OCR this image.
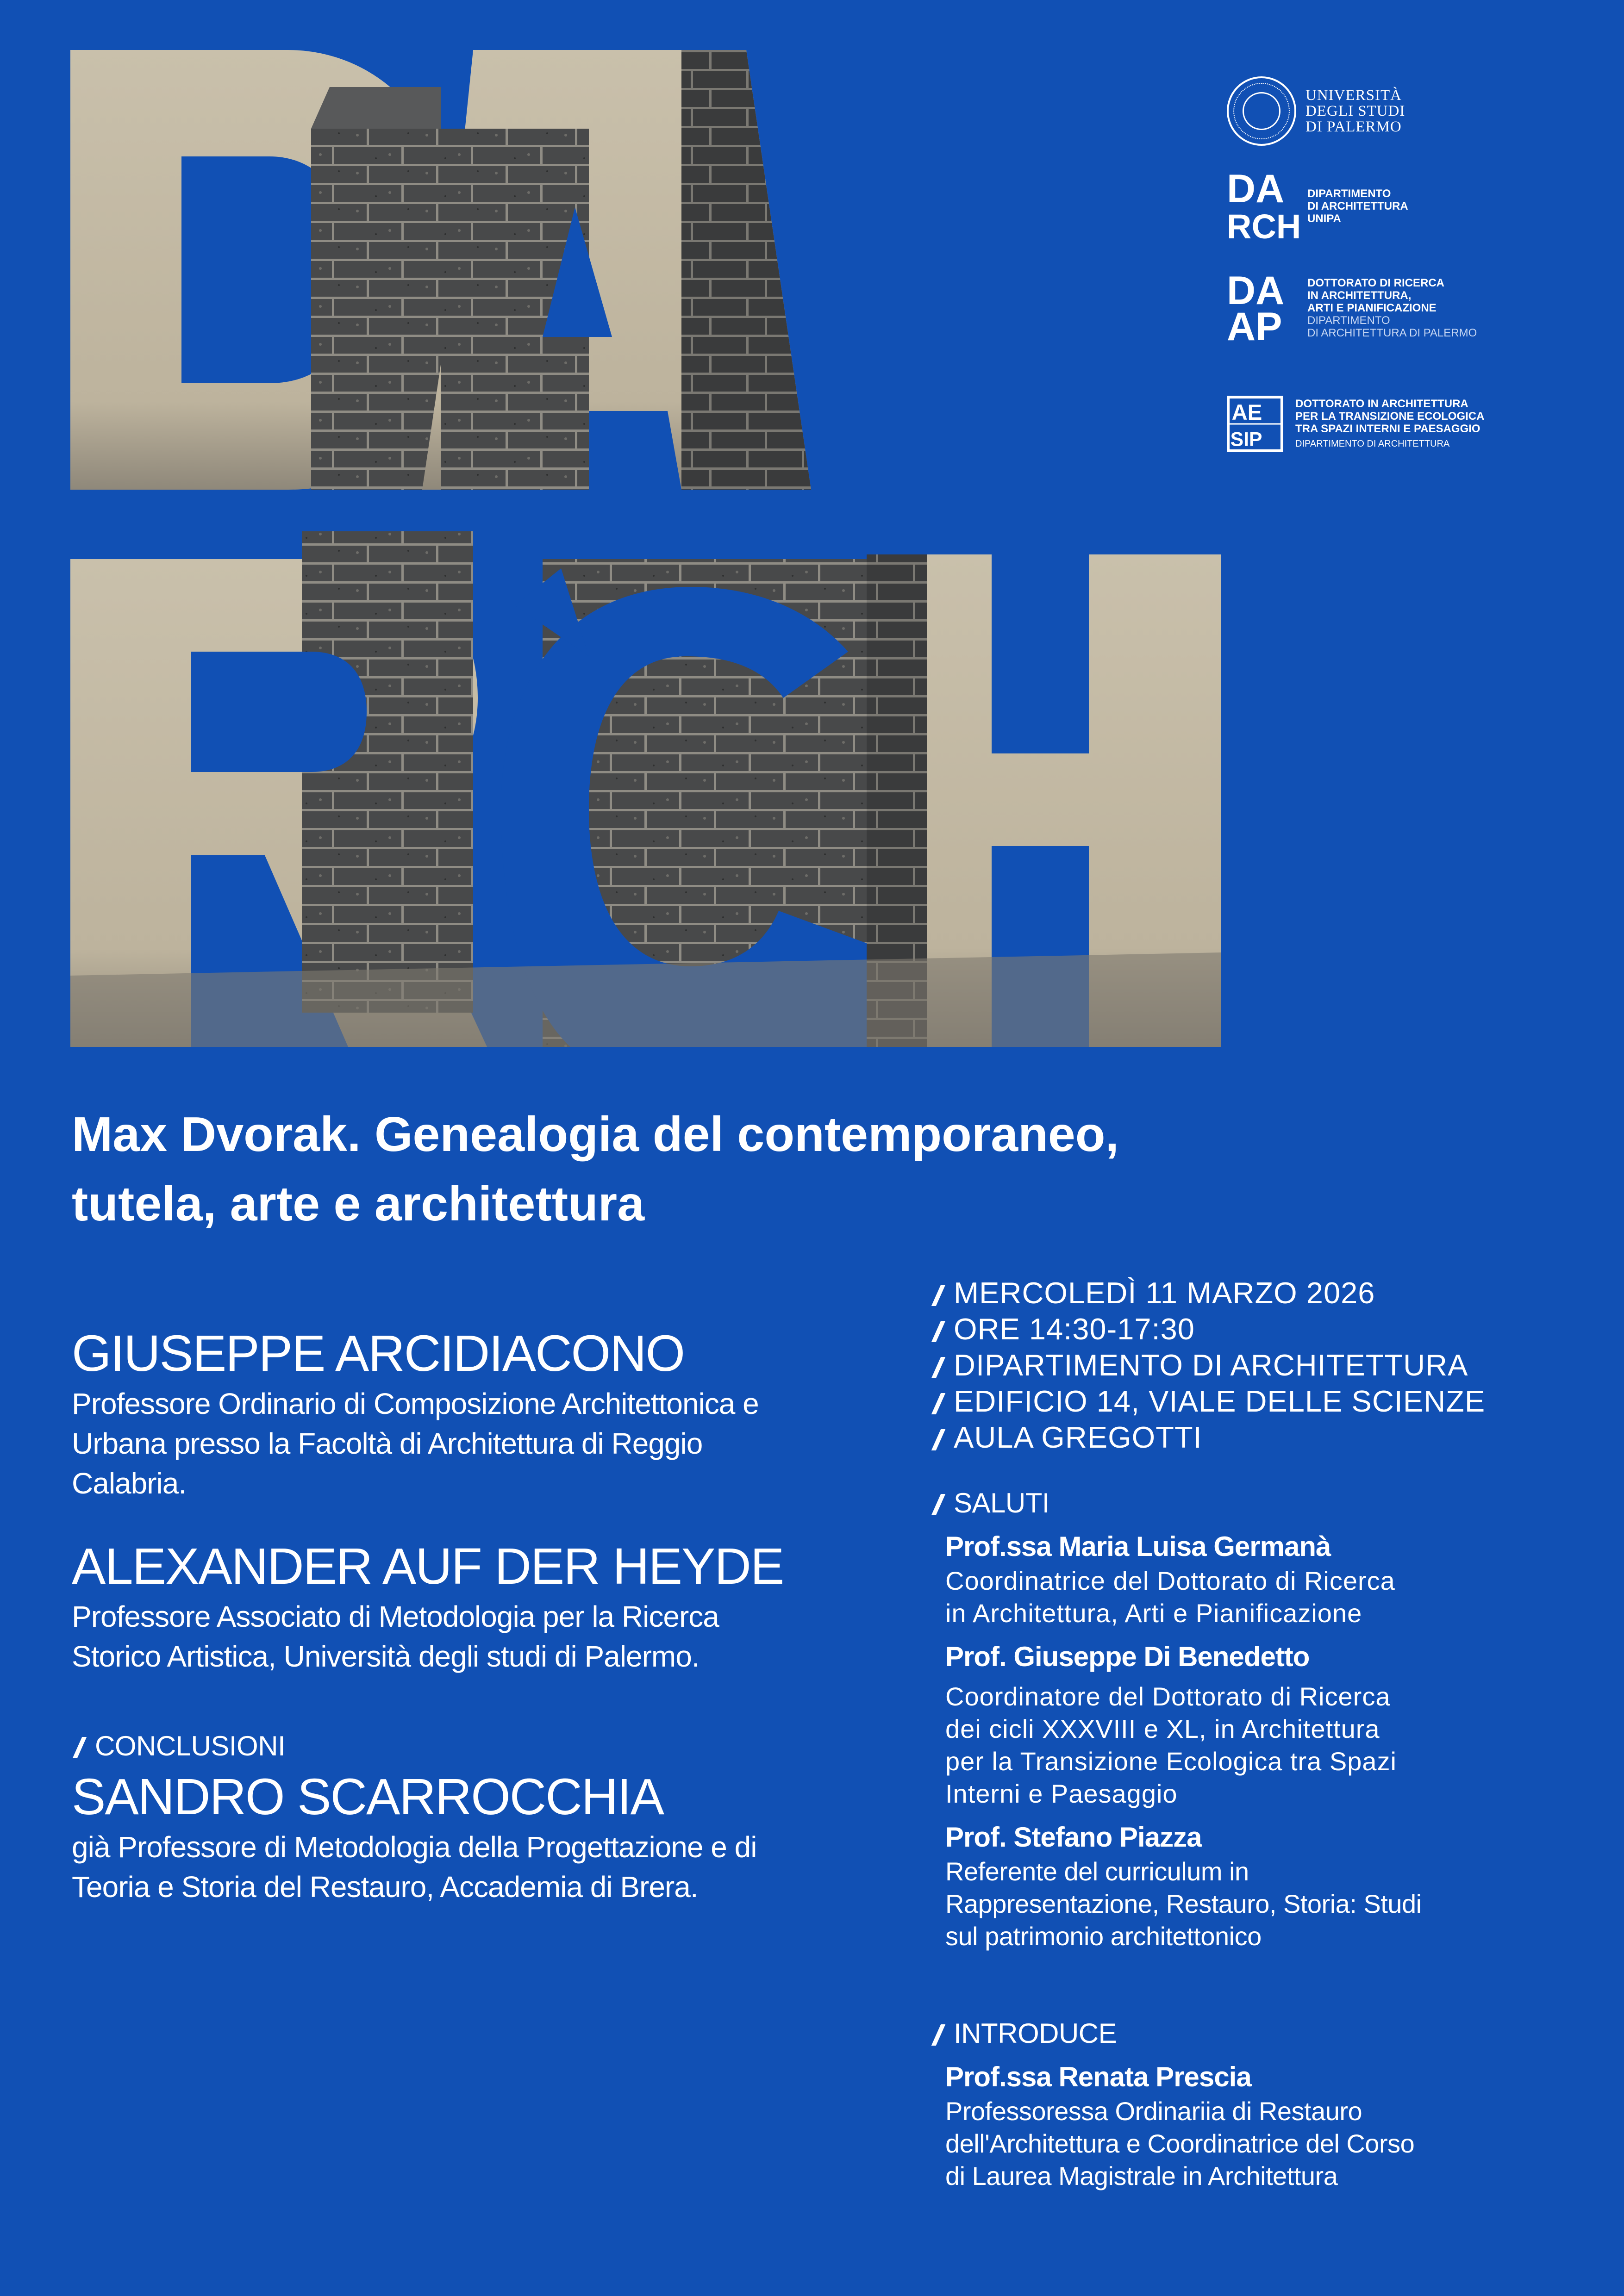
UNIVERSITÀ
DEGLI STUDI
DI PALERMO
DA
RCH
DIPARTIMENTO
DI ARCHITETTURA
UNIPA
DA
AP
DOTTORATO DI RICERCA
IN ARCHITETTURA,
ARTI E PIANIFICAZIONE
DIPARTIMENTO
DI ARCHITETTURA DI PALERMO
AE
SIP
DOTTORATO IN ARCHITETTURA
PER LA TRANSIZIONE ECOLOGICA
TRA SPAZI INTERNI E PAESAGGIO
DIPARTIMENTO DI ARCHITETTURA
Max Dvorak. Genealogia del contemporaneo,
tutela, arte e architettura

GIUSEPPE ARCIDIACONO

Professore Ordinario di Composizione Architettonica e
Urbana presso la Facoltà di Architettura di Reggio
Calabria.

ALEXANDER AUF DER HEYDE

Professore Associato di Metodologia per la Ricerca
Storico Artistica, Università degli studi di Palermo.

CONCLUSIONI

SANDRO SCARROCCHIA

già Professore di Metodologia della Progettazione e di
Teoria e Storia del Restauro, Accademia di Brera.

MERCOLEDÌ 11 MARZO 2026
ORE 14:30-17:30
DIPARTIMENTO DI ARCHITETTURA
EDIFICIO 14, VIALE DELLE SCIENZE
AULA GREGOTTI
SALUTI
Prof.ssa Maria Luisa Germanà
Coordinatrice del Dottorato di Ricerca
in Architettura, Arti e Pianificazione
Prof. Giuseppe Di Benedetto
Coordinatore del Dottorato di Ricerca
dei cicli XXXVIII e XL, in Architettura
per la Transizione Ecologica tra Spazi
Interni e Paesaggio
Prof. Stefano Piazza
Referente del curriculum in
Rappresentazione, Restauro, Storia: Studi
sul patrimonio architettonico
INTRODUCE
Prof.ssa Renata Prescia
Professoressa Ordinariia di Restauro
dell'Architettura e Coordinatrice del Corso
di Laurea Magistrale in Architettura
